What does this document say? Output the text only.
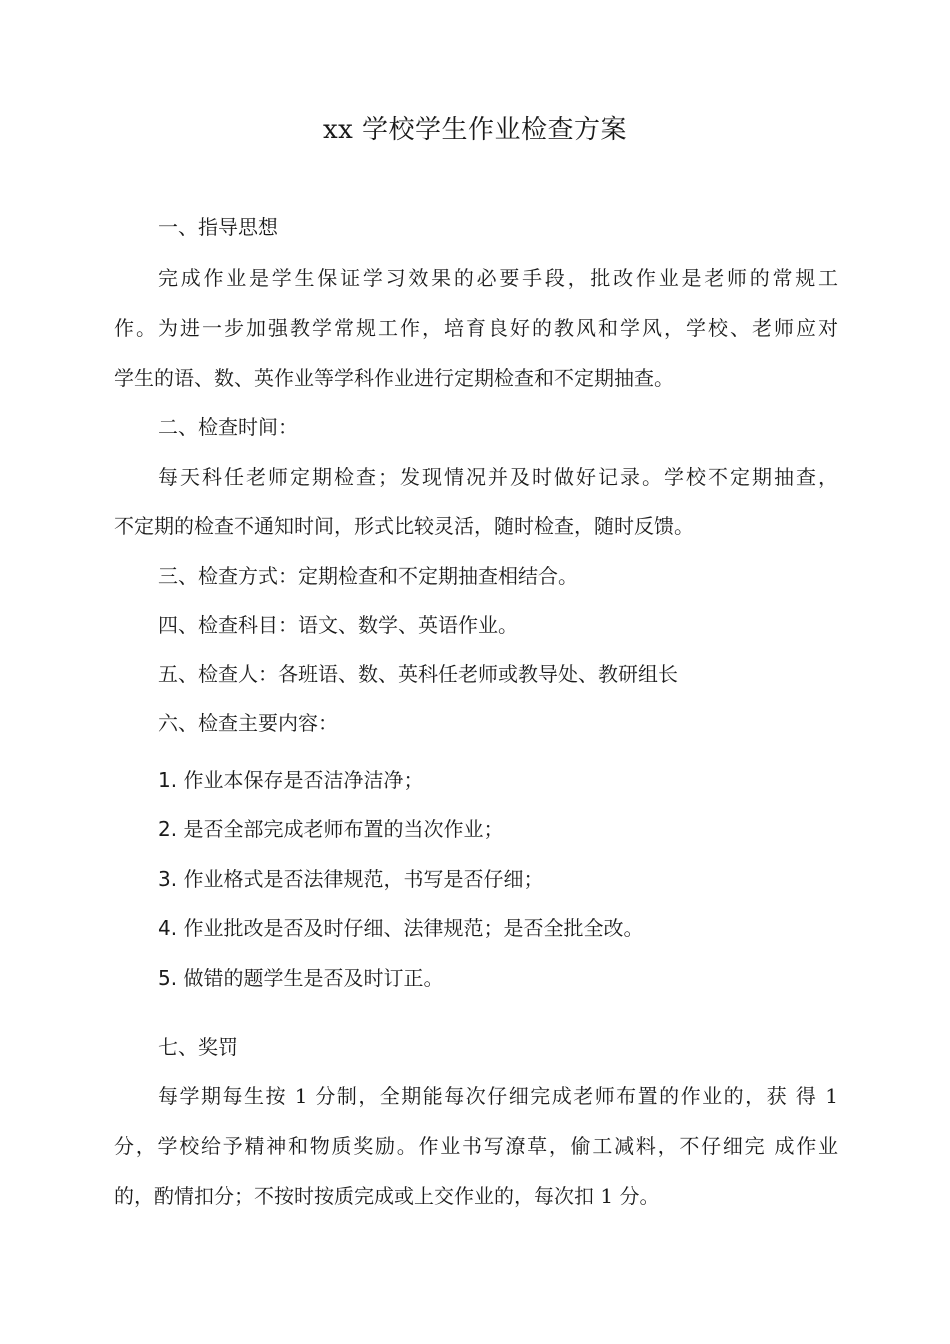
xx 学校学生作业检查方案
一、指导思想
完成作业是学生保证学习效果的必要手段，批改作业是老师的常规工
作。为进一步加强教学常规工作，培育良好的教风和学风，学校、老师应对
学生的语、数、英作业等学科作业进行定期检查和不定期抽查。
二、检查时间：
每天科任老师定期检查；发现情况并及时做好记录。学校不定期抽查，
不定期的检查不通知时间，形式比较灵活，随时检查，随时反馈。
三、检查方式：定期检查和不定期抽查相结合。
四、检查科目：语文、数学、英语作业。
五、检查人：各班语、数、英科任老师或教导处、教研组长
六、检查主要内容：
1. 作业本保存是否洁净洁净；
2. 是否全部完成老师布置的当次作业；
3. 作业格式是否法律规范，书写是否仔细；
4. 作业批改是否及时仔细、法律规范；是否全批全改。
5. 做错的题学生是否及时订正。
七、奖罚
每学期每生按 1 分制，全期能每次仔细完成老师布置的作业的，获 得 1
分，学校给予精神和物质奖励。作业书写潦草，偷工减料，不仔细完 成作业
的，酌情扣分；不按时按质完成或上交作业的，每次扣 1 分。
